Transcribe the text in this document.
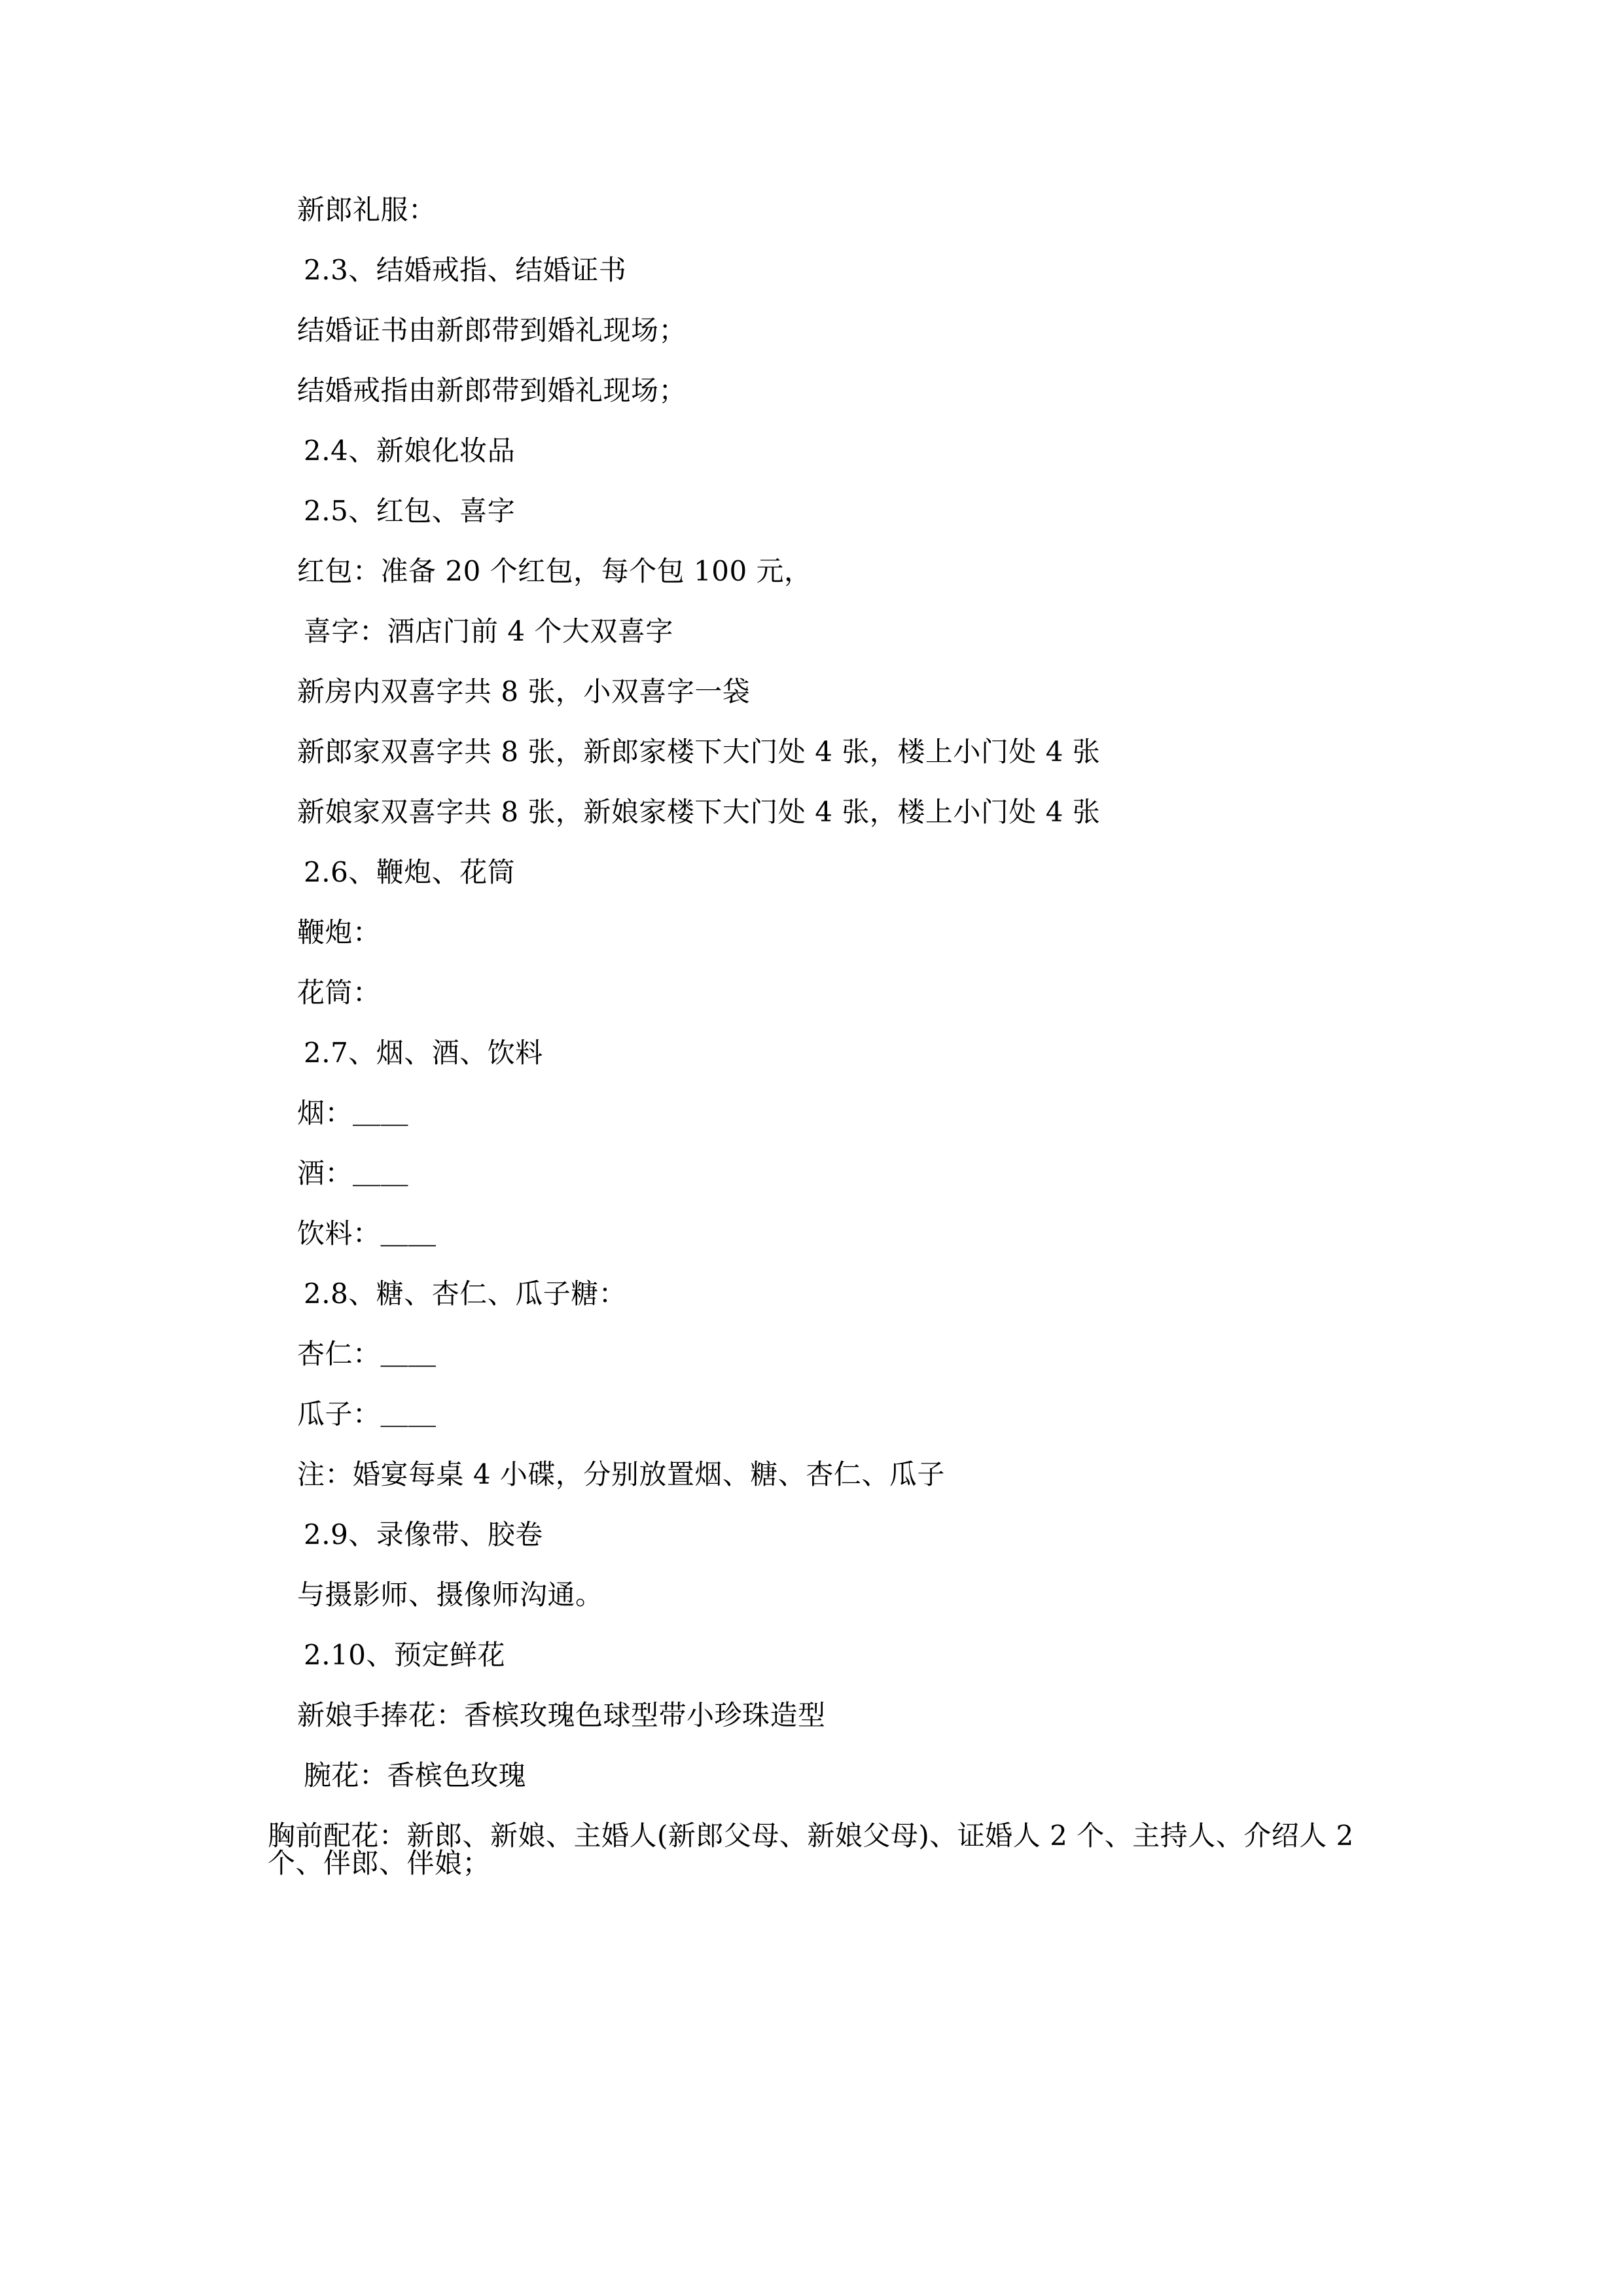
新郎礼服：

2.3、结婚戒指、结婚证书

结婚证书由新郎带到婚礼现场；

结婚戒指由新郎带到婚礼现场；

2.4、新娘化妆品

2.5、红包、喜字

红包：准备 20 个红包，每个包 100 元，

喜字：酒店门前 4 个大双喜字

新房内双喜字共 8 张，小双喜字一袋

新郎家双喜字共 8 张，新郎家楼下大门处 4 张，楼上小门处 4 张

新娘家双喜字共 8 张，新娘家楼下大门处 4 张，楼上小门处 4 张

2.6、鞭炮、花筒

鞭炮：

花筒：

2.7、烟、酒、饮料

烟：＿＿

酒：＿＿

饮料：＿＿

2.8、糖、杏仁、瓜子糖：

杏仁：＿＿

瓜子：＿＿

注：婚宴每桌 4 小碟，分别放置烟、糖、杏仁、瓜子

2.9、录像带、胶卷

与摄影师、摄像师沟通。

2.10、预定鲜花

新娘手捧花：香槟玫瑰色球型带小珍珠造型

腕花：香槟色玫瑰

胸前配花：新郎、新娘、主婚人(新郎父母、新娘父母)、证婚人 2 个、主持人、介绍人 2 个、伴郎、伴娘；
